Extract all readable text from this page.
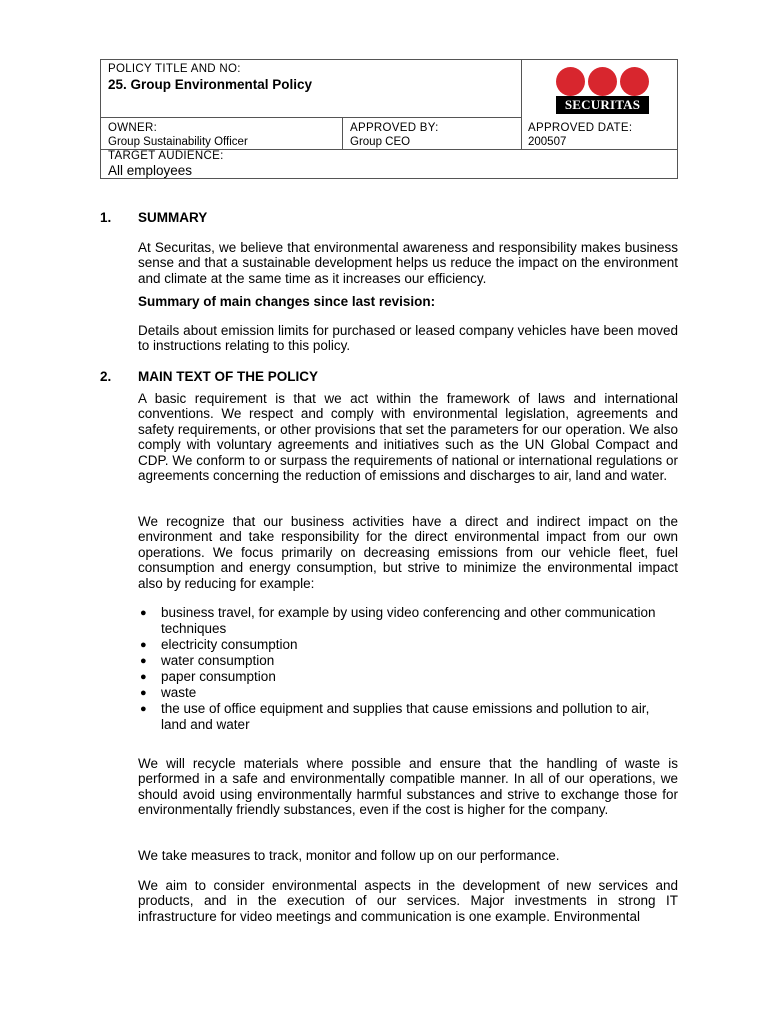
POLICY TITLE AND NO:
25. Group Environmental Policy
SECURITAS
OWNER:
Group Sustainability Officer
APPROVED BY:
Group CEO
APPROVED DATE:
200507
TARGET AUDIENCE:
All employees
1. SUMMARY

At Securitas, we believe that environmental awareness and responsibility makes business sense and that a sustainable development helps us reduce the impact on the environment and climate at the same time as it increases our efficiency.

Summary of main changes since last revision:

Details about emission limits for purchased or leased company vehicles have been moved to instructions relating to this policy.

2. MAIN TEXT OF THE POLICY

A basic requirement is that we act within the framework of laws and international conventions. We respect and comply with environmental legislation, agreements and safety requirements, or other provisions that set the parameters for our operation. We also comply with voluntary agreements and initiatives such as the UN Global Compact and CDP. We conform to or surpass the requirements of national or international regulations or agreements concerning the reduction of emissions and discharges to air, land and water.

We recognize that our business activities have a direct and indirect impact on the environment and take responsibility for the direct environmental impact from our own operations. We focus primarily on decreasing emissions from our vehicle fleet, fuel consumption and energy consumption, but strive to minimize the environmental impact also by reducing for example:

● business travel, for example by using video conferencing and other communication techniques
● electricity consumption
● water consumption
● paper consumption
● waste
● the use of office equipment and supplies that cause emissions and pollution to air, land and water

We will recycle materials where possible and ensure that the handling of waste is performed in a safe and environmentally compatible manner. In all of our operations, we should avoid using environmentally harmful substances and strive to exchange those for environmentally friendly substances, even if the cost is higher for the company.

We take measures to track, monitor and follow up on our performance.

We aim to consider environmental aspects in the development of new services and products, and in the execution of our services. Major investments in strong IT infrastructure for video meetings and communication is one example. Environmental
